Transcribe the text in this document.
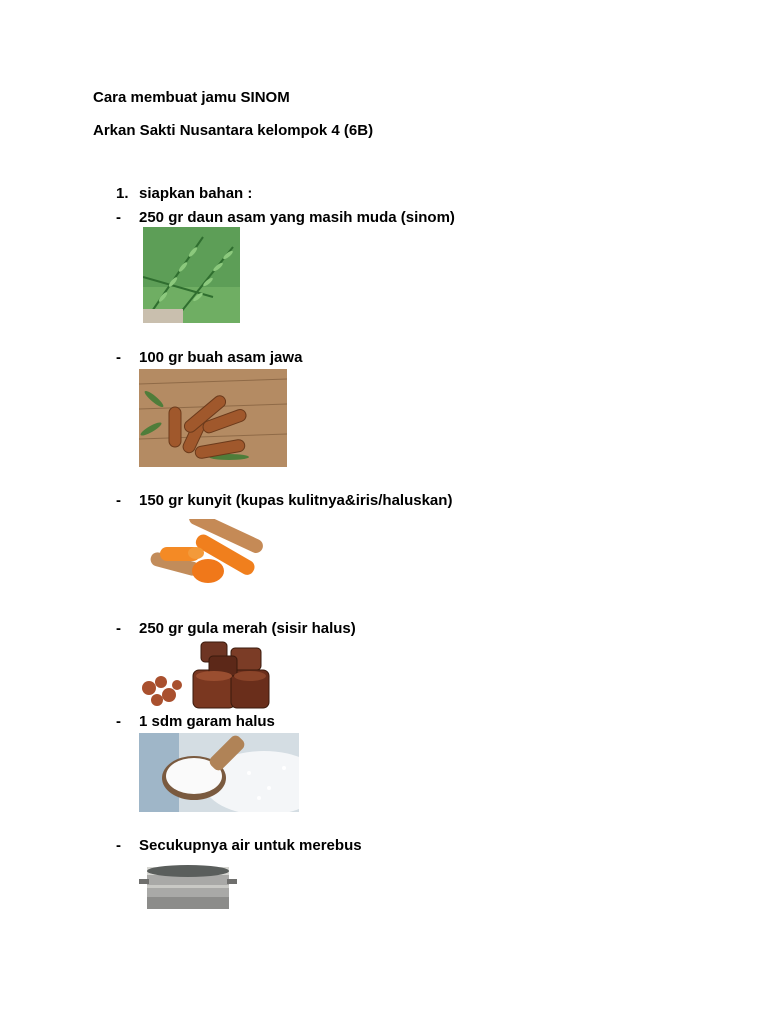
Cara membuat jamu SINOM
Arkan Sakti Nusantara kelompok 4 (6B)
1. siapkan bahan :
- 250 gr daun asam yang masih muda (sinom)
- 100 gr buah asam jawa
- 150 gr kunyit (kupas kulitnya&iris/haluskan)
- 250 gr gula merah (sisir halus)
- 1 sdm garam halus
- Secukupnya air untuk merebus
